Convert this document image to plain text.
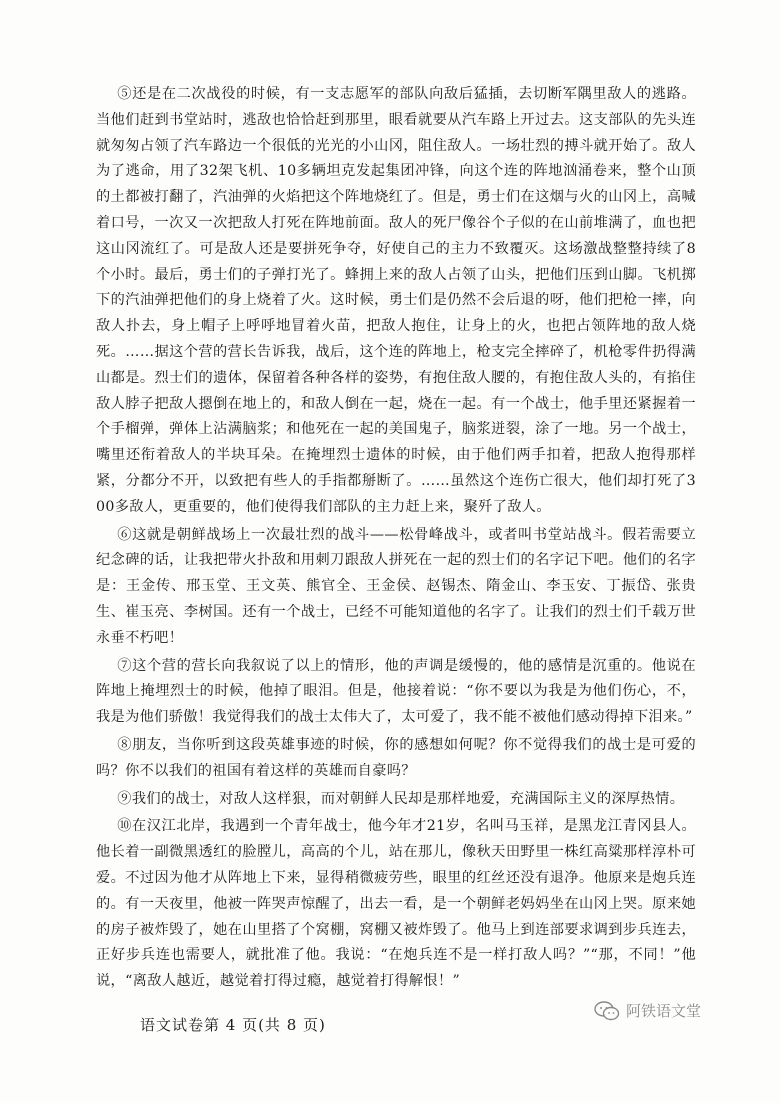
⑤还是在二次战役的时候，有一支志愿军的部队向敌后猛插，去切断军隅里敌人的逃路。当他们赶到书堂站时，逃敌也恰恰赶到那里，眼看就要从汽车路上开过去。这支部队的先头连就匆匆占领了汽车路边一个很低的光光的小山冈，阻住敌人。一场壮烈的搏斗就开始了。敌人为了逃命，用了32架飞机、10多辆坦克发起集团冲锋，向这个连的阵地汹涌卷来，整个山顶的土都被打翻了，汽油弹的火焰把这个阵地烧红了。但是，勇士们在这烟与火的山冈上，高喊着口号，一次又一次把敌人打死在阵地前面。敌人的死尸像谷个子似的在山前堆满了，血也把这山冈流红了。可是敌人还是要拼死争夺，好使自己的主力不致覆灭。这场激战整整持续了8个小时。最后，勇士们的子弹打光了。蜂拥上来的敌人占领了山头，把他们压到山脚。飞机掷下的汽油弹把他们的身上烧着了火。这时候，勇士们是仍然不会后退的呀，他们把枪一摔，向敌人扑去，身上帽子上呼呼地冒着火苗，把敌人抱住，让身上的火，也把占领阵地的敌人烧死。……据这个营的营长告诉我，战后，这个连的阵地上，枪支完全摔碎了，机枪零件扔得满山都是。烈士们的遗体，保留着各种各样的姿势，有抱住敌人腰的，有抱住敌人头的，有掐住敌人脖子把敌人摁倒在地上的，和敌人倒在一起，烧在一起。有一个战士，他手里还紧握着一个手榴弹，弹体上沾满脑浆；和他死在一起的美国鬼子，脑浆迸裂，涂了一地。另一个战士，嘴里还衔着敌人的半块耳朵。在掩埋烈士遗体的时候，由于他们两手扣着，把敌人抱得那样紧，分都分不开，以致把有些人的手指都掰断了。……虽然这个连伤亡很大，他们却打死了300多敌人，更重要的，他们使得我们部队的主力赶上来，聚歼了敌人。

⑥这就是朝鲜战场上一次最壮烈的战斗——松骨峰战斗，或者叫书堂站战斗。假若需要立纪念碑的话，让我把带火扑敌和用刺刀跟敌人拼死在一起的烈士们的名字记下吧。他们的名字是：王金传、邢玉堂、王文英、熊官全、王金侯、赵锡杰、隋金山、李玉安、丁振岱、张贵生、崔玉亮、李树国。还有一个战士，已经不可能知道他的名字了。让我们的烈士们千载万世永垂不朽吧！

⑦这个营的营长向我叙说了以上的情形，他的声调是缓慢的，他的感情是沉重的。他说在阵地上掩埋烈士的时候，他掉了眼泪。但是，他接着说：“你不要以为我是为他们伤心，不，我是为他们骄傲！我觉得我们的战士太伟大了，太可爱了，我不能不被他们感动得掉下泪来。”

⑧朋友，当你听到这段英雄事迹的时候，你的感想如何呢？你不觉得我们的战士是可爱的吗？你不以我们的祖国有着这样的英雄而自豪吗？

⑨我们的战士，对敌人这样狠，而对朝鲜人民却是那样地爱，充满国际主义的深厚热情。

⑩在汉江北岸，我遇到一个青年战士，他今年才21岁，名叫马玉祥，是黑龙江青冈县人。他长着一副微黑透红的脸膛儿，高高的个儿，站在那儿，像秋天田野里一株红高粱那样淳朴可爱。不过因为他才从阵地上下来，显得稍微疲劳些，眼里的红丝还没有退净。他原来是炮兵连的。有一天夜里，他被一阵哭声惊醒了，出去一看，是一个朝鲜老妈妈坐在山冈上哭。原来她的房子被炸毁了，她在山里搭了个窝棚，窝棚又被炸毁了。他马上到连部要求调到步兵连去，正好步兵连也需要人，就批准了他。我说：“在炮兵连不是一样打敌人吗？”“那，不同！”他说，“离敌人越近，越觉着打得过瘾，越觉着打得解恨！”

语文试卷第 4 页(共 8 页)
阿铁语文堂
